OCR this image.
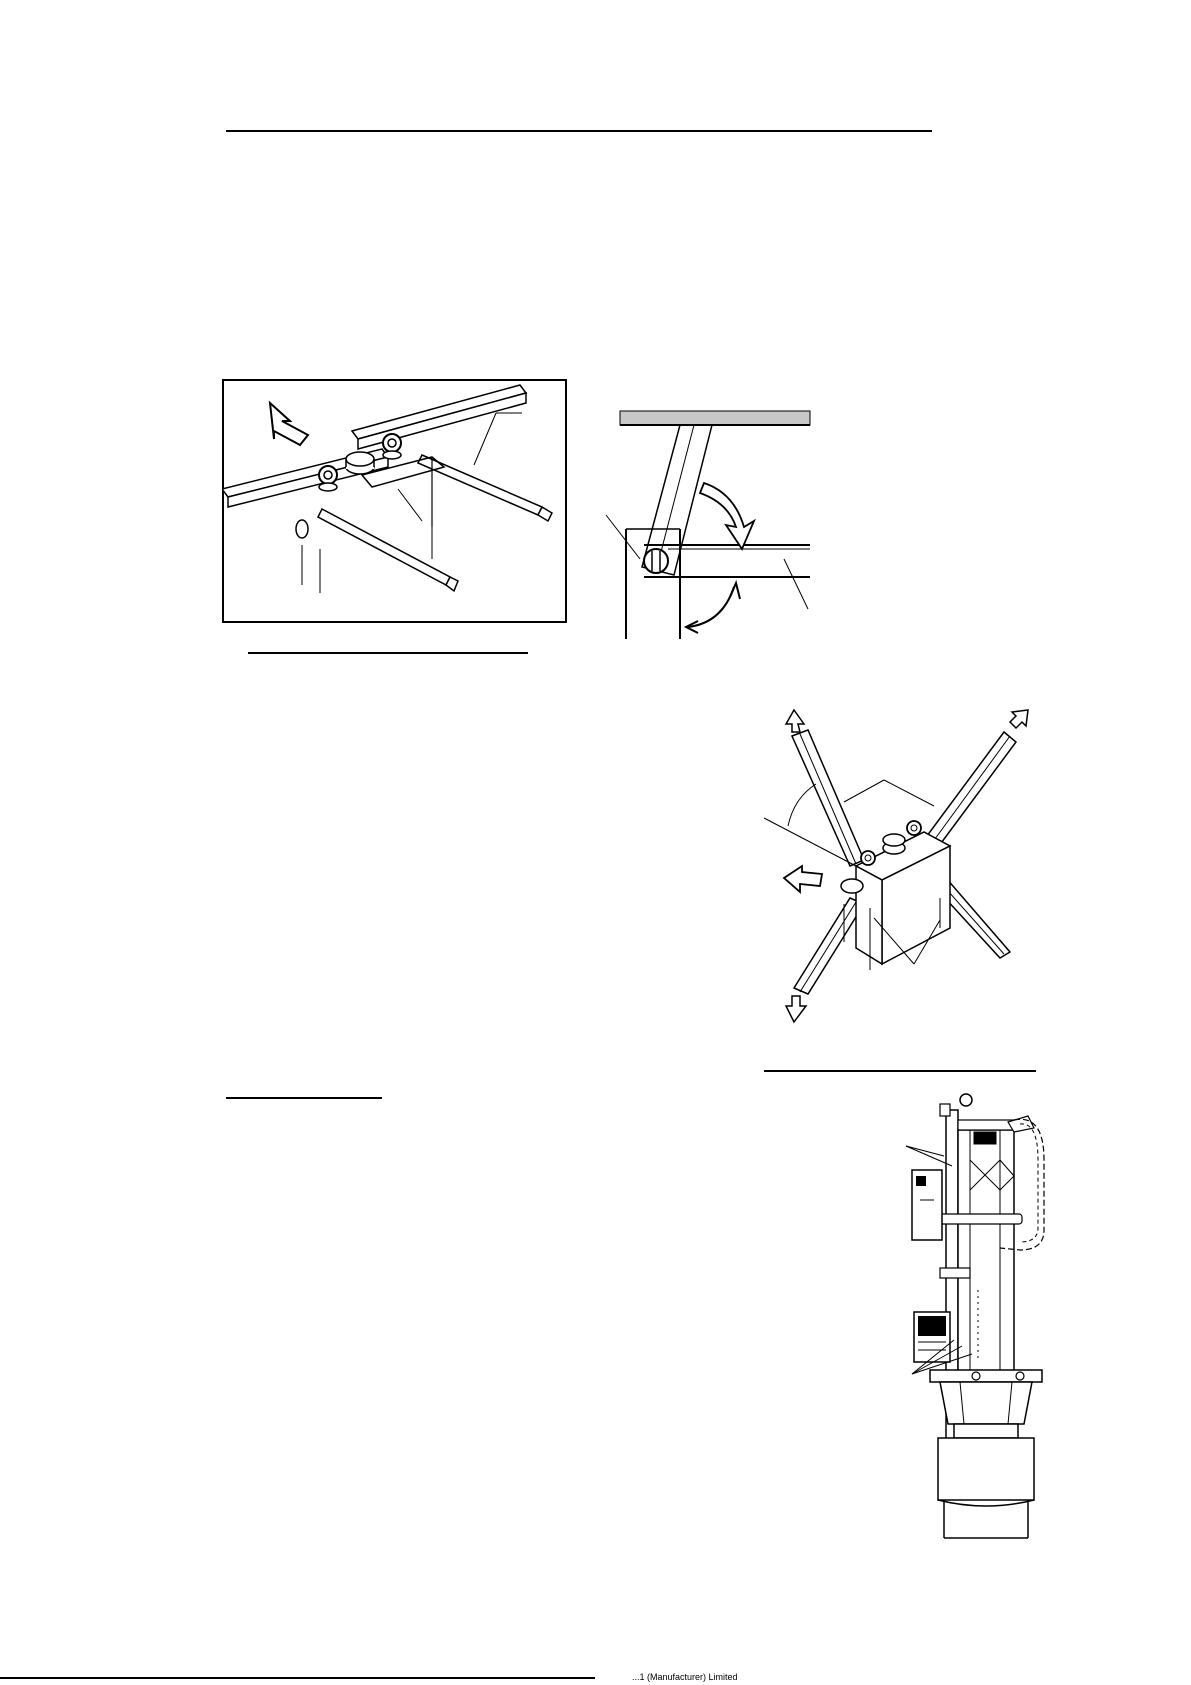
...1 (Manufacturer) Limited
